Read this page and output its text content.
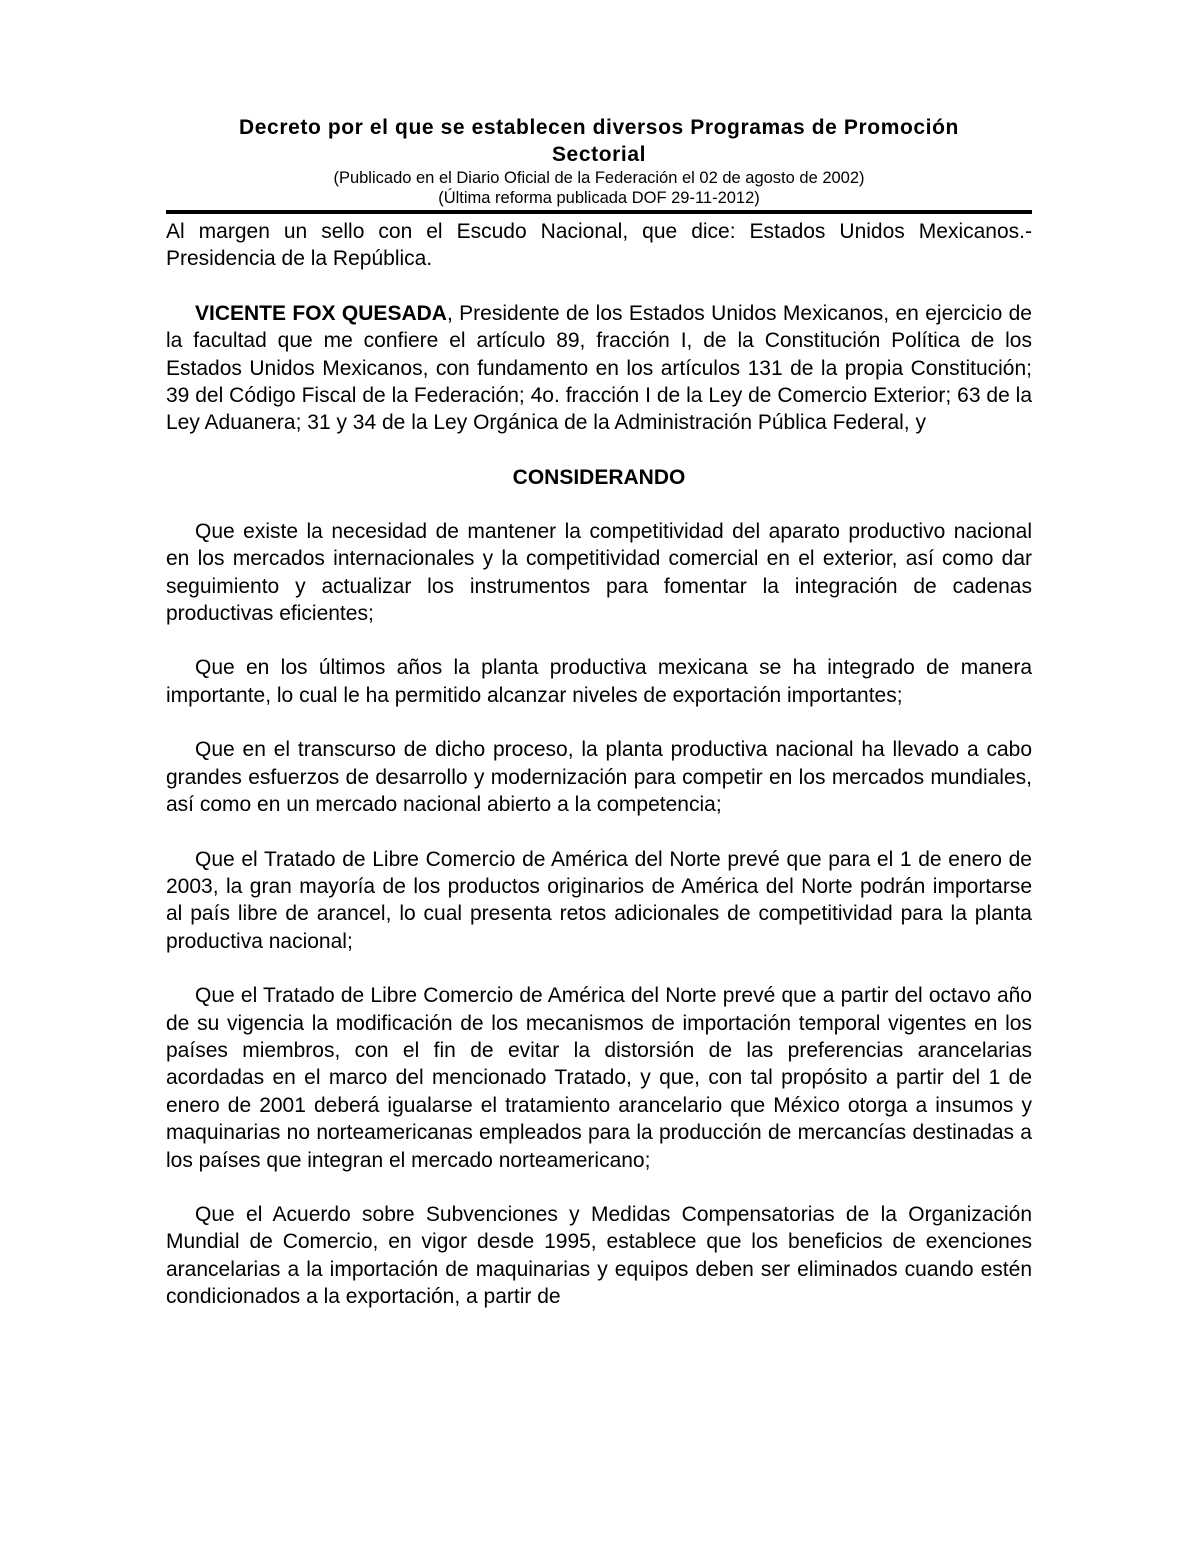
Decreto por el que se establecen diversos Programas de Promoción
Sectorial

(Publicado en el Diario Oficial de la Federación el 02 de agosto de 2002)

(Última reforma publicada DOF 29-11-2012)

Al margen un sello con el Escudo Nacional, que dice: Estados Unidos Mexicanos.- Presidencia de la República.

VICENTE FOX QUESADA, Presidente de los Estados Unidos Mexicanos, en ejercicio de la facultad que me confiere el artículo 89, fracción I, de la Constitución Política de los Estados Unidos Mexicanos, con fundamento en los artículos 131 de la propia Constitución; 39 del Código Fiscal de la Federación; 4o. fracción I de la Ley de Comercio Exterior; 63 de la Ley Aduanera; 31 y 34 de la Ley Orgánica de la Administración Pública Federal, y

CONSIDERANDO

Que existe la necesidad de mantener la competitividad del aparato productivo nacional en los mercados internacionales y la competitividad comercial en el exterior, así como dar seguimiento y actualizar los instrumentos para fomentar la integración de cadenas productivas eficientes;

Que en los últimos años la planta productiva mexicana se ha integrado de manera importante, lo cual le ha permitido alcanzar niveles de exportación importantes;

Que en el transcurso de dicho proceso, la planta productiva nacional ha llevado a cabo grandes esfuerzos de desarrollo y modernización para competir en los mercados mundiales, así como en un mercado nacional abierto a la competencia;

Que el Tratado de Libre Comercio de América del Norte prevé que para el 1 de enero de 2003, la gran mayoría de los productos originarios de América del Norte podrán importarse al país libre de arancel, lo cual presenta retos adicionales de competitividad para la planta productiva nacional;

Que el Tratado de Libre Comercio de América del Norte prevé que a partir del octavo año de su vigencia la modificación de los mecanismos de importación temporal vigentes en los países miembros, con el fin de evitar la distorsión de las preferencias arancelarias acordadas en el marco del mencionado Tratado, y que, con tal propósito a partir del 1 de enero de 2001 deberá igualarse el tratamiento arancelario que México otorga a insumos y maquinarias no norteamericanas empleados para la producción de mercancías destinadas a los países que integran el mercado norteamericano;

Que el Acuerdo sobre Subvenciones y Medidas Compensatorias de la Organización Mundial de Comercio, en vigor desde 1995, establece que los beneficios de exenciones arancelarias a la importación de maquinarias y equipos deben ser eliminados cuando estén condicionados a la exportación, a partir de
